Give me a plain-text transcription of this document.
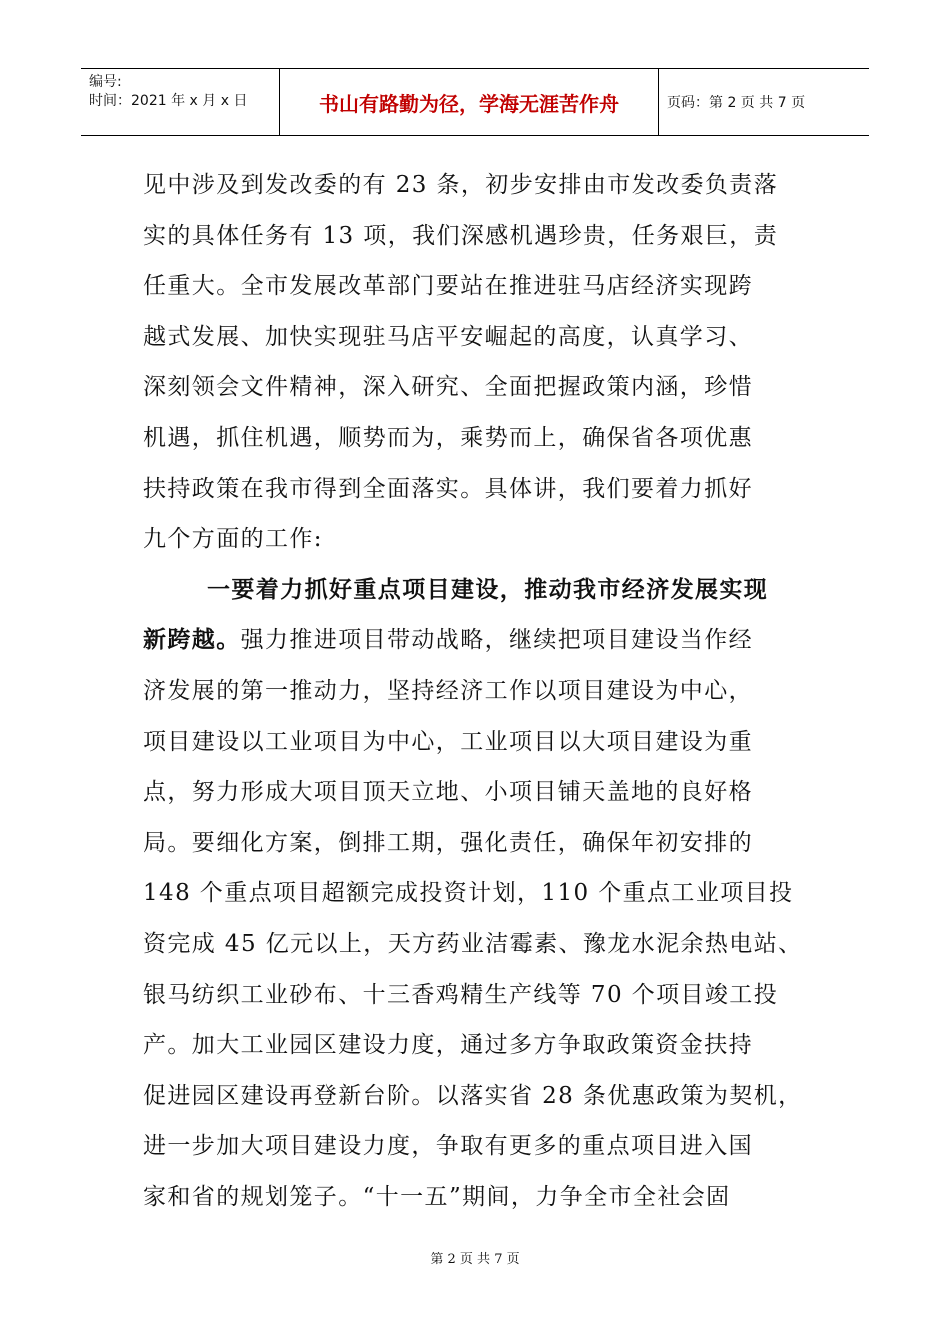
编号:
时间：2021 年 x 月 x 日	书山有路勤为径，学海无涯苦作舟	页码：第 2 页 共 7 页
见中涉及到发改委的有 23 条，初步安排由市发改委负责落
实的具体任务有 13 项，我们深感机遇珍贵，任务艰巨，责
任重大。全市发展改革部门要站在推进驻马店经济实现跨
越式发展、加快实现驻马店平安崛起的高度，认真学习、
深刻领会文件精神，深入研究、全面把握政策内涵，珍惜
机遇，抓住机遇，顺势而为，乘势而上，确保省各项优惠
扶持政策在我市得到全面落实。具体讲，我们要着力抓好
九个方面的工作:
一要着力抓好重点项目建设，推动我市经济发展实现
新跨越。强力推进项目带动战略，继续把项目建设当作经
济发展的第一推动力，坚持经济工作以项目建设为中心，
项目建设以工业项目为中心，工业项目以大项目建设为重
点，努力形成大项目顶天立地、小项目铺天盖地的良好格
局。要细化方案，倒排工期，强化责任，确保年初安排的
148 个重点项目超额完成投资计划，110 个重点工业项目投
资完成 45 亿元以上，天方药业洁霉素、豫龙水泥余热电站、
银马纺织工业砂布、十三香鸡精生产线等 70 个项目竣工投
产。加大工业园区建设力度，通过多方争取政策资金扶持
促进园区建设再登新台阶。以落实省 28 条优惠政策为契机，
进一步加大项目建设力度，争取有更多的重点项目进入国
家和省的规划笼子。“十一五”期间，力争全市全社会固
第 2 页 共 7 页
